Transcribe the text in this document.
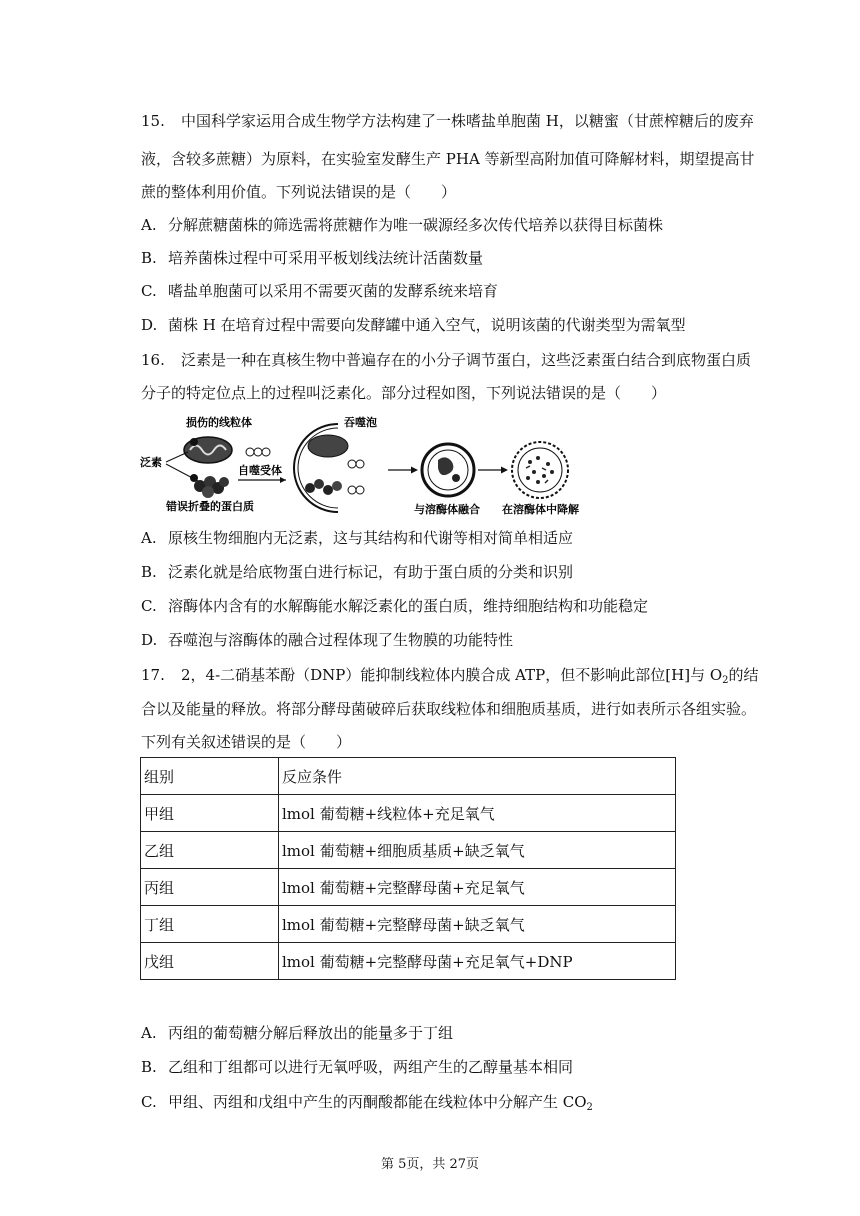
15. 中国科学家运用合成生物学方法构建了一株嗜盐单胞菌 H，以糖蜜（甘蔗榨糖后的废弃
液，含较多蔗糖）为原料，在实验室发酵生产 PHA 等新型高附加值可降解材料，期望提高甘
蔗的整体利用价值。下列说法错误的是（　　）
A. 分解蔗糖菌株的筛选需将蔗糖作为唯一碳源经多次传代培养以获得目标菌株
B. 培养菌株过程中可采用平板划线法统计活菌数量
C. 嗜盐单胞菌可以采用不需要灭菌的发酵系统来培育
D. 菌株 H 在培育过程中需要向发酵罐中通入空气，说明该菌的代谢类型为需氧型
16. 泛素是一种在真核生物中普遍存在的小分子调节蛋白，这些泛素蛋白结合到底物蛋白质
分子的特定位点上的过程叫泛素化。部分过程如图，下列说法错误的是（　　）
损伤的线粒体
泛素
错误折叠的蛋白质
自噬受体
吞噬泡
与溶酶体融合 在溶酶体中降解
A. 原核生物细胞内无泛素，这与其结构和代谢等相对简单相适应
B. 泛素化就是给底物蛋白进行标记，有助于蛋白质的分类和识别
C. 溶酶体内含有的水解酶能水解泛素化的蛋白质，维持细胞结构和功能稳定
D. 吞噬泡与溶酶体的融合过程体现了生物膜的功能特性
17. 2，4-二硝基苯酚（DNP）能抑制线粒体内膜合成 ATP，但不影响此部位[H]与 $O_2$的结
合以及能量的释放。将部分酵母菌破碎后获取线粒体和细胞质基质，进行如表所示各组实验。
下列有关叙述错误的是（　　）
组别	反应条件
甲组	lmol 葡萄糖+线粒体+充足氧气
乙组	lmol 葡萄糖+细胞质基质+缺乏氧气
丙组	lmol 葡萄糖+完整酵母菌+充足氧气
丁组	lmol 葡萄糖+完整酵母菌+缺乏氧气
戊组	lmol 葡萄糖+完整酵母菌+充足氧气+DNP
A. 丙组的葡萄糖分解后释放出的能量多于丁组
B. 乙组和丁组都可以进行无氧呼吸，两组产生的乙醇量基本相同
C. 甲组、丙组和戊组中产生的丙酮酸都能在线粒体中分解产生 $CO_2$
第 5页，共 27页
